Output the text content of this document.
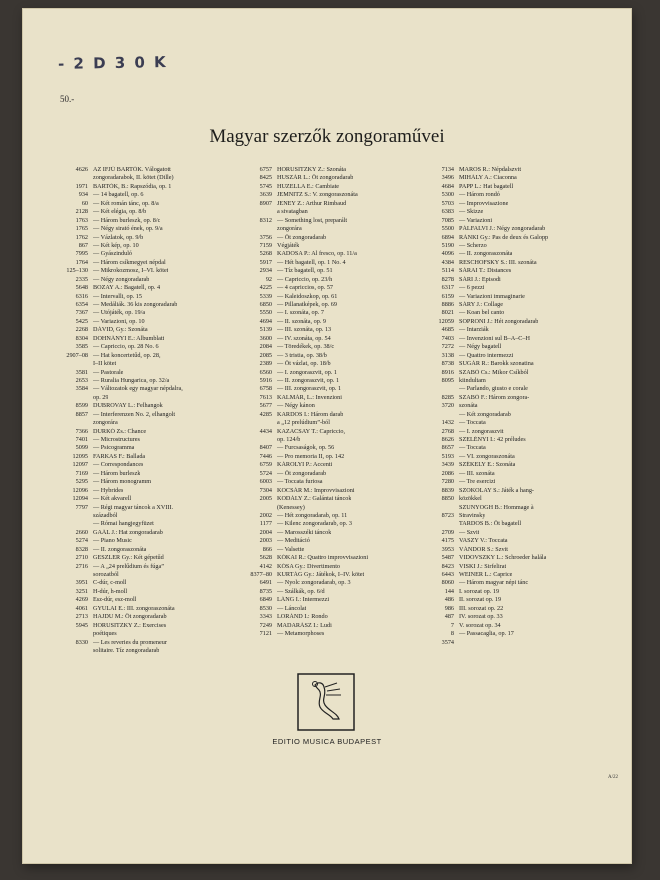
- 2 D 3 0 K
50.-
Magyar szerzők zongoraművei
4626 AZ IFJÚ BARTÓK. Válogatott
zongoradarabok, II. kötet (Dille)
1971 BARTÓK, B.: Rapszódia, op. 1
934 — 14 bagatell, op. 6
60 — Két román tánc, op. 8/a
2128 — Két elégia, op. 8/b
1763 — Három burleszk, op. 8/c
1765 — Négy sirató ének, op. 9/a
1762 — Vázlatok, op. 9/b
867 — Két kép, op. 10
7995 — Gyászinduló
1764 — Három csíkmegyei népdal
125–130 — Mikrokozmosz, I–VI. kötet
2335 — Négy zongoradarab
5648 BOZAY A.: Bagatell, op. 4
6316 — Intervalli, op. 15
6354 — Medáliák. 36 kis zongoradarab
7367 — Utójáték, op. 19/a
5425 — Variazioni, op. 10
2268 DÁVID, Gy.: Szonáta
8304 DOHNÁNYI E.: Albumblatt
3585 — Capriccio, op. 28 No. 6
2907–08 — Hat koncertetűd, op. 28,
I–II kötet
3581 — Pastorale
2653 — Ruralia Hungarica, op. 32/a
3584 — Változatok egy magyar népdalra,
op. 29
8599 DUBROVAY L.: Felhangok
8857 — Interferenzen No. 2, elhangolt
zongorára
7366 DURKÓ Zs.: Chance
7401 — Microstructures
5099 — Psicogramma
12095 FARKAS F.: Ballada
12097 — Correspondances
7169 — Három burleszk
5295 — Három monogramm
12096 — Hybrides
12094 — Két akvarell
7797 — Régi magyar táncok a XVIII.
századból
— Római hangjegyfüzet
2660 GAÁL J.: Hat zongoradarab
5274 — Piano Music
8328 — II. zongoraszonáta
2710 GESZLER Gy.: Két gépetűd
2716 — A „24 prelűdium és fúga”
sorozatból
3951 C-dúr, c-moll
3251 H-dúr, h-moll
4269 Esz-dúr, esz-moll
4061 GYULAI E.: III. zongoraszonáta
2713 HAJDU M.: Öt zongoradarab
5945 HORUSITZKY Z.: Exercises
poétiques
8330 — Les reveries du promeneur
solitaire. Tíz zongoradarab
6757 HORUSITZKY Z.: Szonáta
8425 HUSZÁR L.: Öt zongoradarab
5745 HUZELLA E.: Cambiate
3639 JEMNITZ S.: V. zongoraszonáta
8907 JENEY Z.: Arthur Rimbaud
a sivatagban
8312 — Something lost, preparált
zongorára
3756 — Öt zongoradarab
7159 Végjáték
5268 KADOSA P.: Al fresco, op. 11/a
5917 — Hét bagatell, op. 1 No. 4
2934 — Tíz bagatell, op. 51
92 — Capriccio, op. 23/h
4225 — 4 capriccios, op. 57
5339 — Kaleidoszkop, op. 61
6850 — Pillanatképek, op. 69
5550 — I. szonáta, op. 7
4694 — II. szonáta, op. 9
5139 — III. szonáta, op. 13
3600 — IV. szonáta, op. 54
2084 — Töredékek, op. 38/c
2085 — 3 tristia, op. 38/b
2389 — Öt vázlat, op. 18/b
6560 — I. zongoraszvit, op. 1
5916 — II. zongoraszvit, op. 1
6758 — III. zongoraszvit, op. 1
7613 KALMÁR, L.: Invenzioni
5677 — Négy kánon
4285 KARDOS I.: Három darab
a „12 prelúdium”-ból
4434 KAZACSAY T.: Capriccio,
op. 124/b
8407 — Furcsaságok, op. 56
7446 — Pro memoria II, op. 142
6759 KÁROLYI P.: Accenti
5724 — Öt zongoradarab
6003 — Toccata furiosa
7304 KOCSÁR M.: Improvvisazioni
2005 KODÁLY Z.: Galántai táncok
(Kenessey)
2002 — Hét zongoradarab, op. 11
1177 — Kilenc zongoradarab, op. 3
2004 — Marosszéki táncok
2003 — Meditáció
866 — Valsette
5628 KÓKAI R.: Quattro improvvisazioni
4142 KÓSA Gy.: Divertimento
8377–80 KURTÁG Gy.: Játékok, I–IV. kötet
6491 — Nyolc zongoradarab, op. 3
8735 — Szálkák, op. 6/d
6849 LÁNG I.: Intermezzi
8530 — Láncolat
3343 LORÁND I.: Rondo
7249 MADARÁSZ I.: Ludi
7121 — Metamorphoses
7134 MAROS R.: Népdalszvit
3496 MIHÁLY A.: Ciaconna
4684 PAPP L.: Hat bagatell
5300 — Három rondó
5703 — Improvvisazione
6383 — Skizze
7085 — Variazioni
5500 PÁLFALVI J.: Négy zongoradarab
6894 RÁNKI Gy.: Pas de deux és Galopp
5190 — Scherzo
4096 — II. zongoraszonáta
4384 RESCHOFSKY S.: III. szonáta
5114 SÁRAI T.: Distances
8278 SÁRI J.: Episodi
6317 — 6 pezzi
6159 — Variazioni immaginarie
8886 SÁRY J.: Collage
8021 — Koan bel canto
12059 SOPRONI J.: Hét zongoradarab
4685 — Intarziák
7403 — Invenzioni sul B–A–C–H
7272 — Négy bagatell
3138 — Quattro intermezzi
8738 SUGÁR R.: Barokk szonatina
8916 SZABÓ Cs.: Mikor Csíkból
8095 kiindultam
— Parlando, giusto e corale
8285 SZABÓ F.: Három zongora-
3720 szonáta
— Két zongoradarab
1432 — Toccata
2768 — I. zongoraszvit
8626 SZELÉNYI I.: 42 préludes
8657 — Toccata
5193 — VI. zongoraszonáta
3439 SZÉKELY E.: Szonáta
2086 — III. szonáta
7280 — Tre esercizi
8839 SZOKOLAY S.: Játék a hang-
8850 közökkel
SZUNYOGH B.: Hommage à
8723 Stravinsky
TARDOS B.: Öt bagatell
2709 — Szvit
4175 VASZY V.: Toccata
3953 VÁNDOR S.: Szvit
5487 VIDOVSZKY L.: Schroeder halála
8423 VISKI J.: Sirfelirat
6443 WEINER L.: Caprice
8060 — Három magyar népi tánc
144 I. sorozat op. 19
486 II. sorozat op. 19
986 III. sorozat op. 22
487 IV. sorozat op. 33
7 V. sorozat op. 34
8 — Passacaglia, op. 17
3574
EDITIO MUSICA BUDAPEST
A/22
